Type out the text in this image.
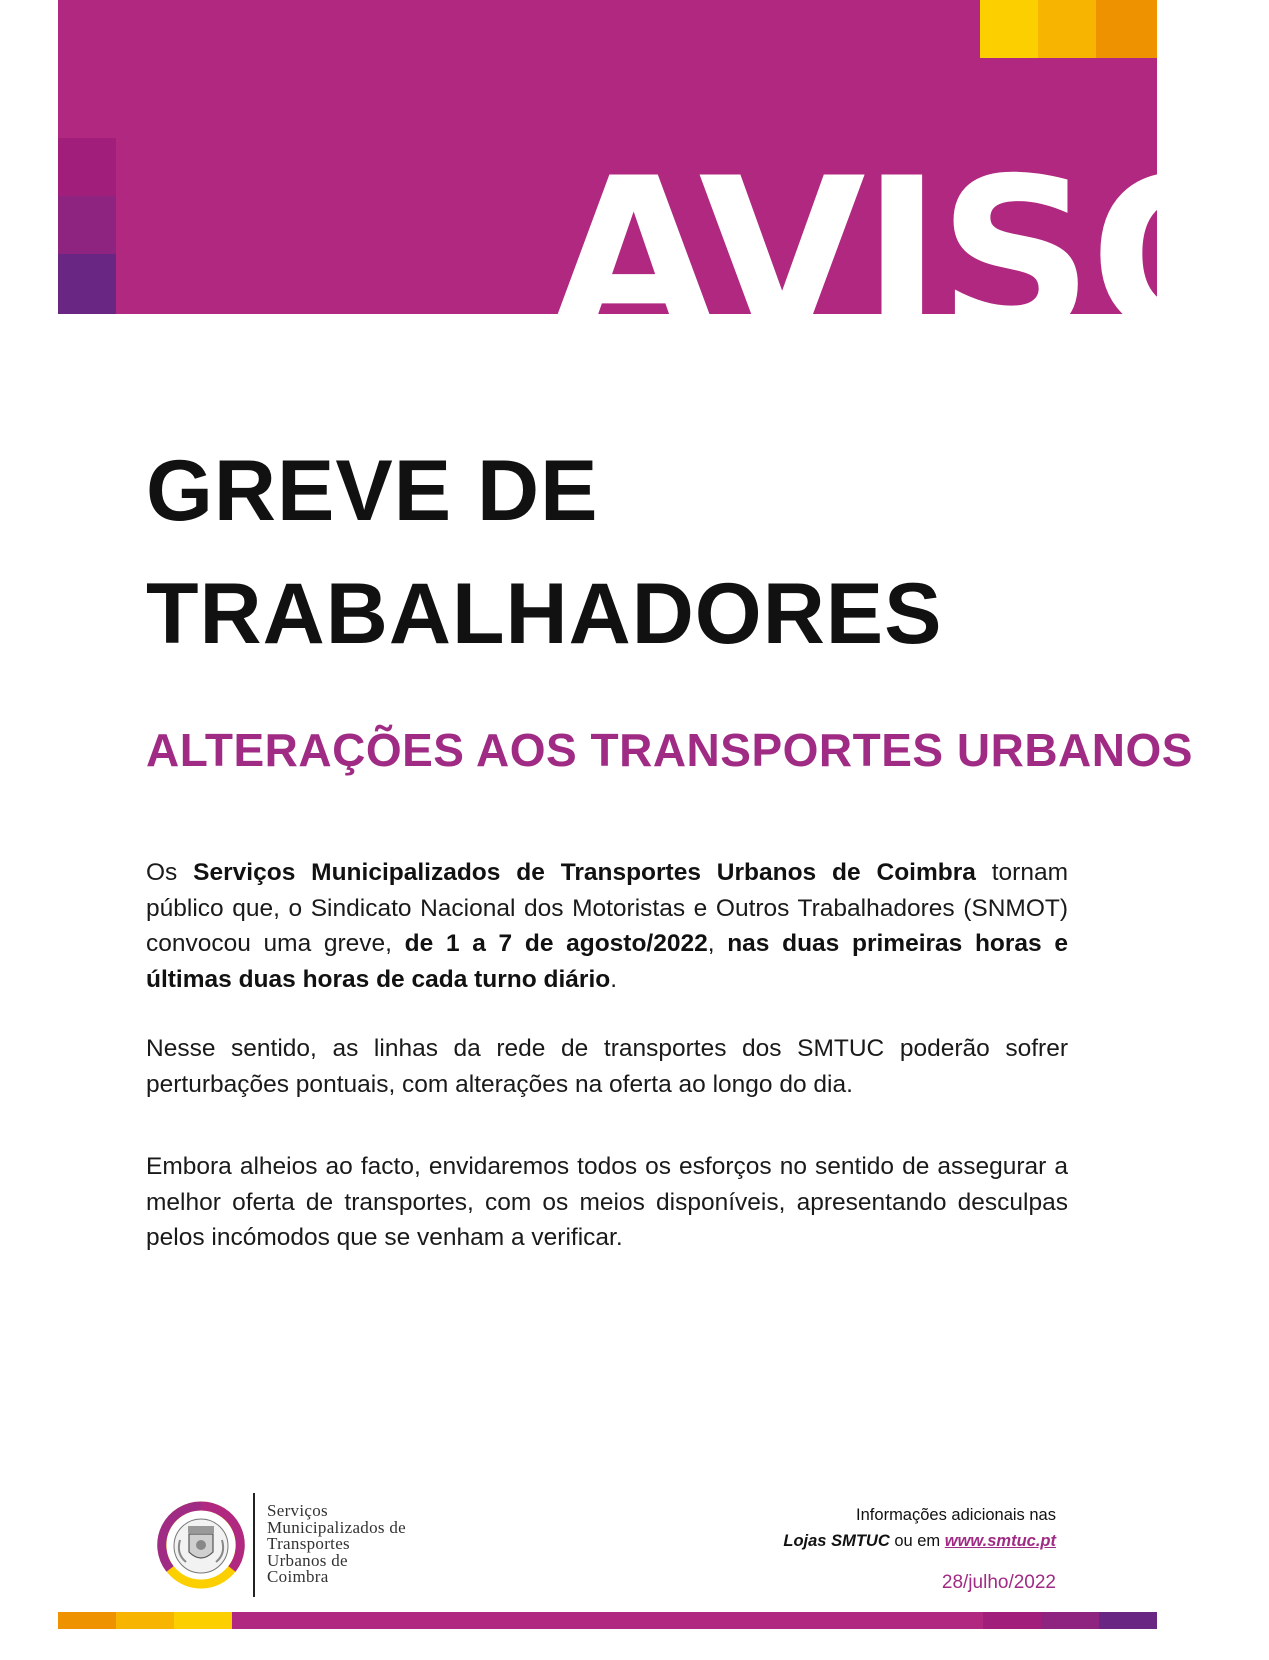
AVISO
GREVE DE
TRABALHADORES
ALTERAÇÕES AOS TRANSPORTES URBANOS

Os Serviços Municipalizados de Transportes Urbanos de Coimbra tornam público que, o Sindicato Nacional dos Motoristas e Outros Trabalhadores (SNMOT) convocou uma greve, de 1 a 7 de agosto/2022, nas duas primeiras horas e últimas duas horas de cada turno diário.

Nesse sentido, as linhas da rede de transportes dos SMTUC poderão sofrer perturbações pontuais, com alterações na oferta ao longo do dia.

Embora alheios ao facto, envidaremos todos os esforços no sentido de assegurar a melhor oferta de transportes, com os meios disponíveis, apresentando desculpas pelos incómodos que se venham a verificar.

Serviços
Municipalizados de
Transportes
Urbanos de
Coimbra
Informações adicionais nas
Lojas SMTUC ou em www.smtuc.pt
28/julho/2022
